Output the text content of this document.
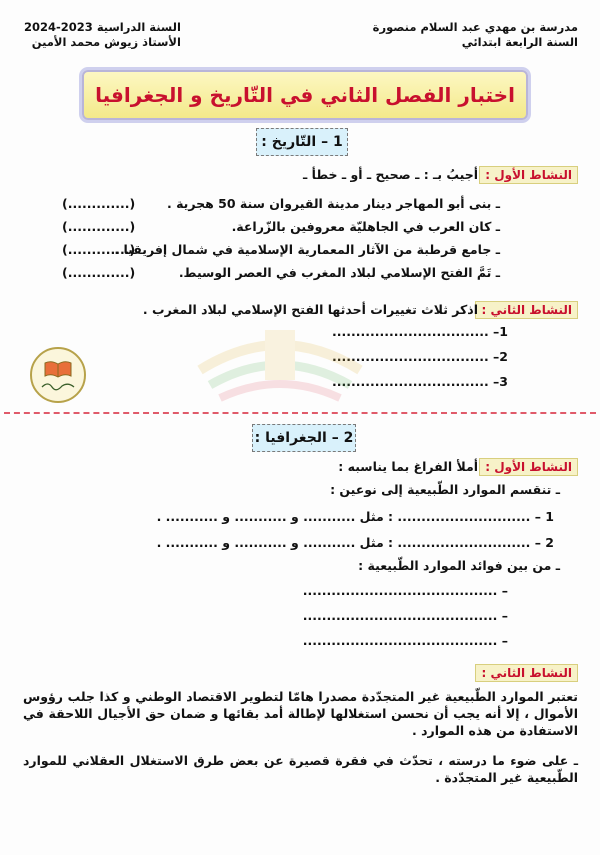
مدرسة بن مهدي عبد السلام منصورة
السنة الرابعة ابتدائي
السنة الدراسية 2023-2024
الأستاذ زيوش محمد الأمين
اختبار الفصل الثاني في التّاريخ و الجغرافيا
1 – التّاريخ :
النشاط الأول :
أجيبُ بـ : ـ صحيح ـ أو ـ خطأ ـ
ـ بنى أبو المهاجر دينار مدينة القيروان سنة 50 هجرية .
(.............)
ـ كان العرب في الجاهليّة معروفين بالزّراعة.
(.............)
ـ جامع قرطبة من الآثار المعمارية الإسلامية في شمال إفريقيا .
(.............)
ـ تَمَّ الفتح الإسلامي لبلاد المغرب في العصر الوسيط.
(.............)
النشاط الثاني :
اذكر ثلاث تغييرات أحدثها الفتح الإسلامي لبلاد المغرب .
1– .................................
2– .................................
3– .................................
2 – الجغرافيا :
النشاط الأول :
أملأ الفراغ بما يناسبه :
ـ تنقسم الموارد الطّبيعية إلى نوعين :
1 – ............................ : مثل ........... و ........... و ........... .
2 – ............................ : مثل ........... و ........... و ........... .
ـ من بين فوائد الموارد الطّبيعية :
– .........................................
– .........................................
– .........................................
النشاط الثاني :
تعتبر الموارد الطّبيعية غير المتجدّدة مصدرا هامّا لتطوير الاقتصاد الوطني و كذا جلب رؤوس الأموال ، إلا أنه يجب أن نحسن استغلالها لإطالة أمد بقائها و ضمان حق الأجيال اللاحقة في الاستفادة من هذه الموارد .
ـ على ضوء ما درسته ، تحدّث في فقرة قصيرة عن بعض طرق الاستغلال العقلاني للموارد الطّبيعية غير المتجدّدة .
